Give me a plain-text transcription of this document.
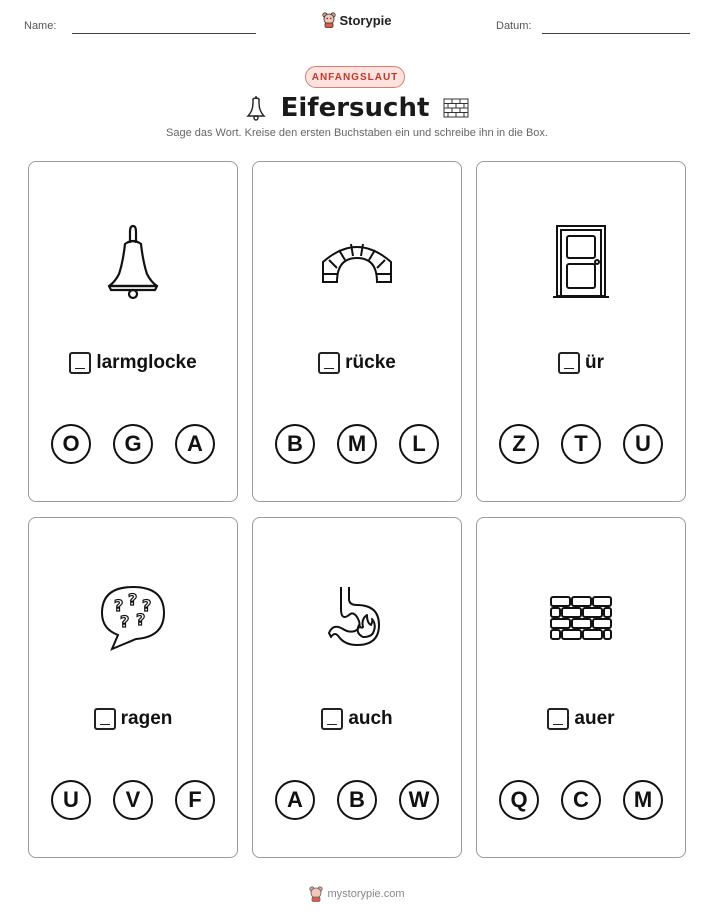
Name:	Datum:
Storypie
ANFANGSLAUT
Eifersucht
Sage das Wort. Kreise den ersten Buchstaben ein und schreibe ihn in die Box.
larmglocke
O	G	A
rücke
B	M	L
ür
Z	T	U
? ? ?
? ?
ragen
U	V	F
auch
A	B	W
auer
Q	C	M
mystorypie.com
